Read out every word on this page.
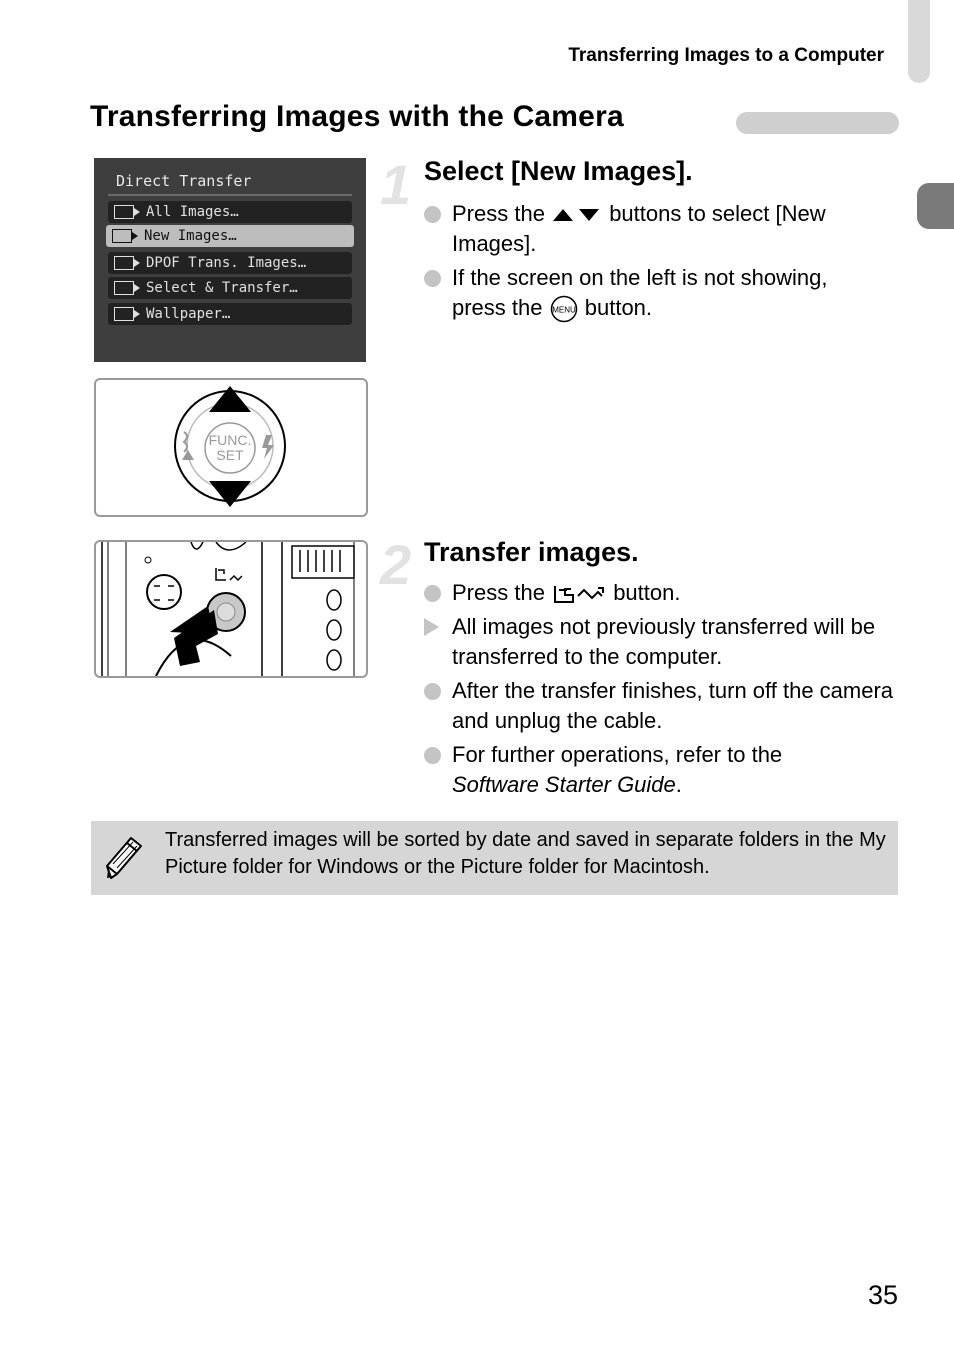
Transferring Images to a Computer
Transferring Images with the Camera
Direct Transfer
All Images…
New Images…
DPOF Trans. Images…
Select & Transfer…
Wallpaper…
FUNC.
SET
1 Select [New Images].
Press the	buttons to select [New Images].
If the screen on the left is not showing, press the MENU button.
2 Transfer images.
Press the	button.
All images not previously transferred will be transferred to the computer.
After the transfer finishes, turn off the camera and unplug the cable.
For further operations, refer to the
Software Starter Guide.
Transferred images will be sorted by date and saved in separate folders in the My Picture folder for Windows or the Picture folder for Macintosh.
35
